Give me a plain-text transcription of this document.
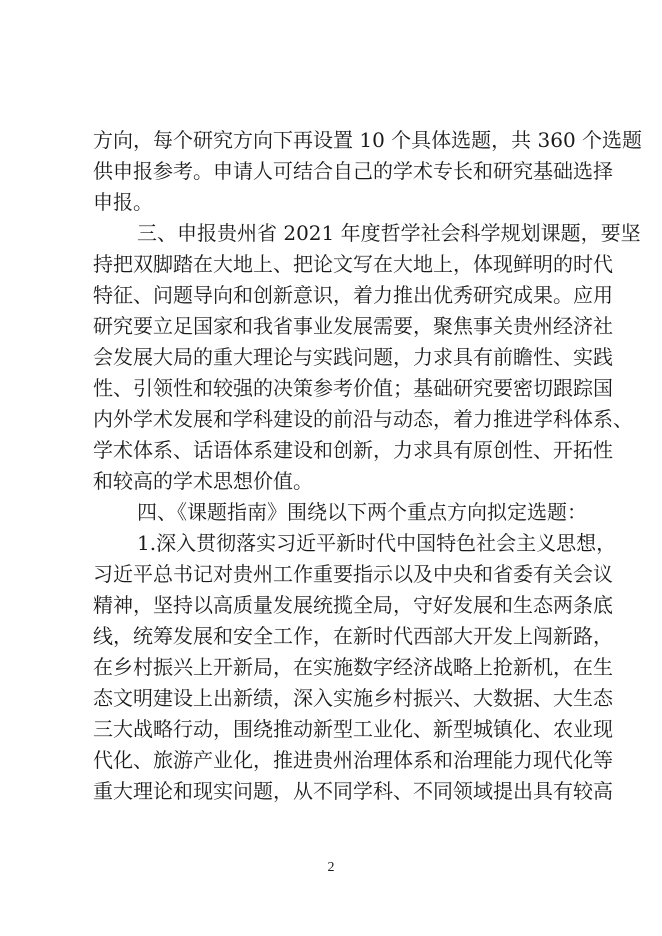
方向，每个研究方向下再设置 10 个具体选题，共 360 个选题
供申报参考。申请人可结合自己的学术专长和研究基础选择
申报。
三、申报贵州省 2021 年度哲学社会科学规划课题，要坚
持把双脚踏在大地上、把论文写在大地上，体现鲜明的时代
特征、问题导向和创新意识，着力推出优秀研究成果。应用
研究要立足国家和我省事业发展需要，聚焦事关贵州经济社
会发展大局的重大理论与实践问题，力求具有前瞻性、实践
性、引领性和较强的决策参考价值；基础研究要密切跟踪国
内外学术发展和学科建设的前沿与动态，着力推进学科体系、
学术体系、话语体系建设和创新，力求具有原创性、开拓性
和较高的学术思想价值。
四、《课题指南》围绕以下两个重点方向拟定选题：
1.深入贯彻落实习近平新时代中国特色社会主义思想，
习近平总书记对贵州工作重要指示以及中央和省委有关会议
精神，坚持以高质量发展统揽全局，守好发展和生态两条底
线，统筹发展和安全工作，在新时代西部大开发上闯新路，
在乡村振兴上开新局，在实施数字经济战略上抢新机，在生
态文明建设上出新绩，深入实施乡村振兴、大数据、大生态
三大战略行动，围绕推动新型工业化、新型城镇化、农业现
代化、旅游产业化，推进贵州治理体系和治理能力现代化等
重大理论和现实问题，从不同学科、不同领域提出具有较高
2
